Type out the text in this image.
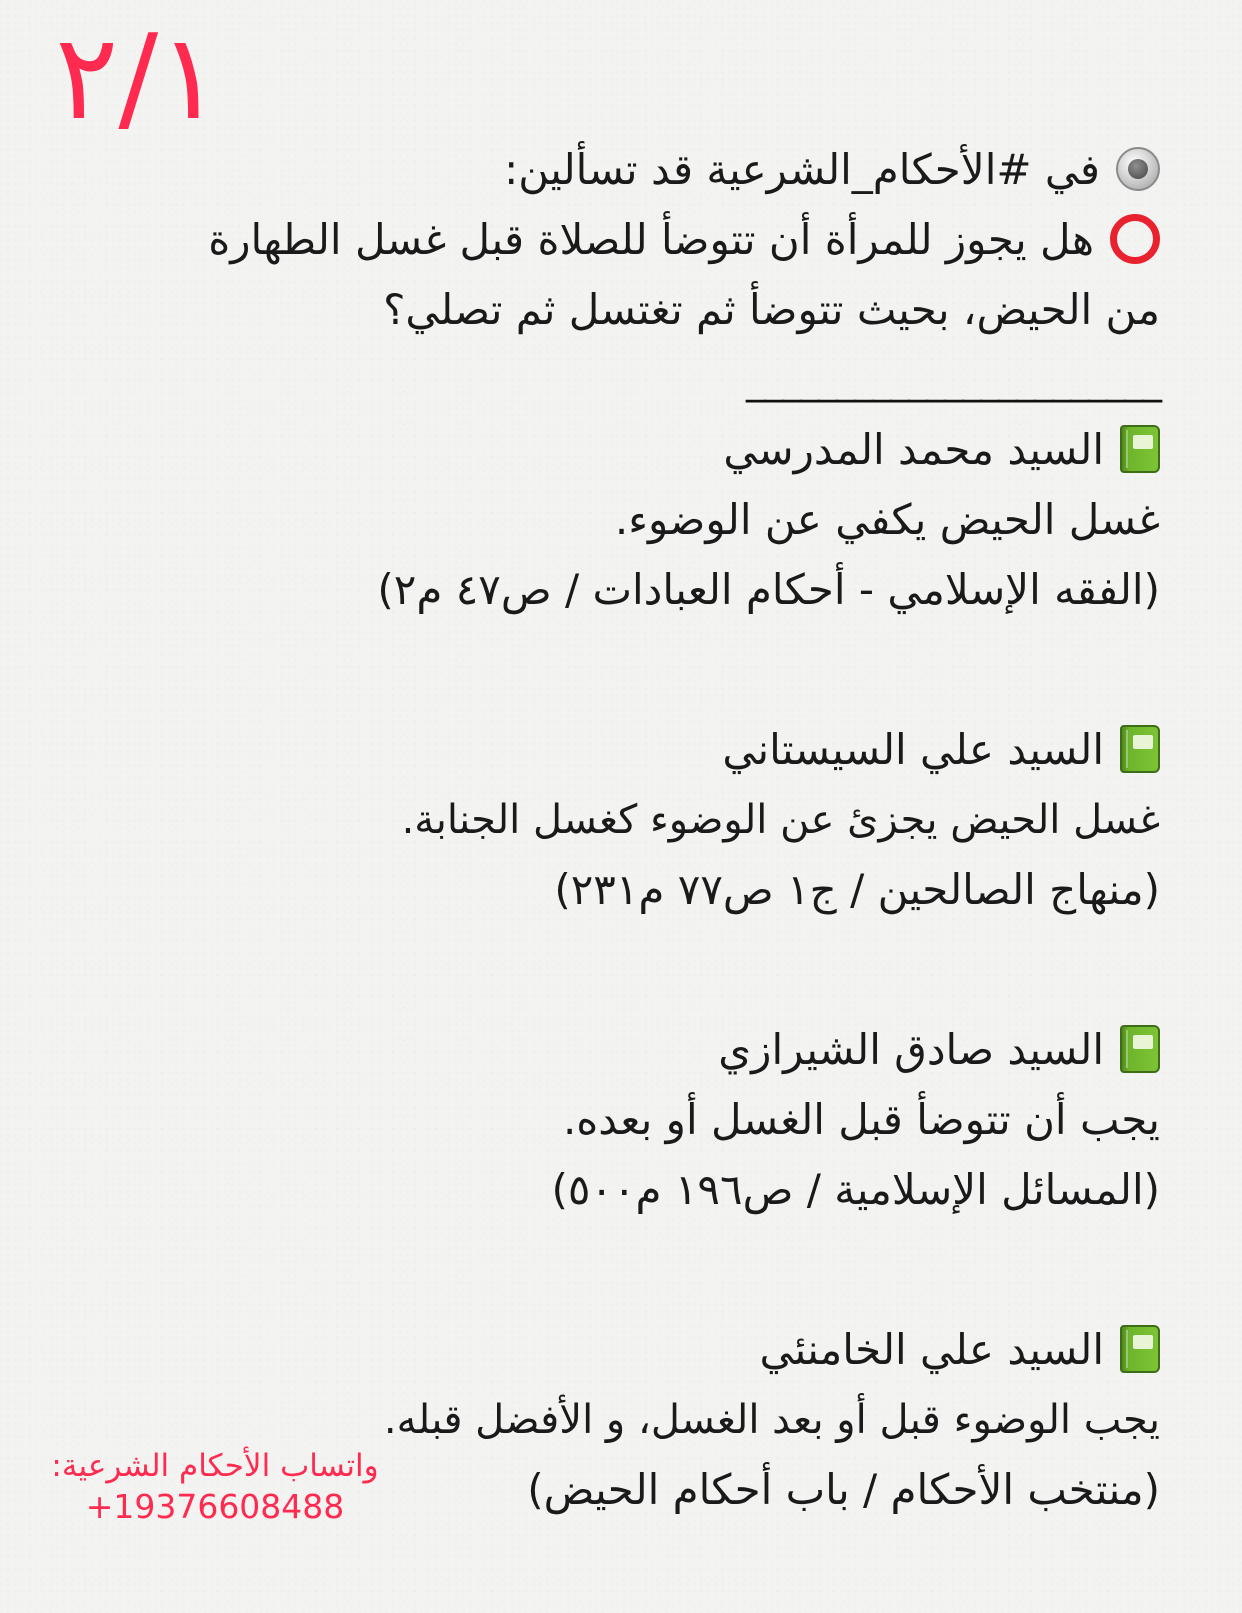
٢/١

في #الأحكام_الشرعية قد تسألين:

هل يجوز للمرأة أن تتوضأ للصلاة قبل غسل الطهارة

من الحيض، بحيث تتوضأ ثم تغتسل ثم تصلي؟

_______________________

السيد محمد المدرسي

غسل الحيض يكفي عن الوضوء.

(الفقه الإسلامي - أحكام العبادات / ص٤٧ م٢)

السيد علي السيستاني

غسل الحيض يجزئ عن الوضوء كغسل الجنابة.

(منهاج الصالحين / ج١ ص٧٧ م٢٣١)

السيد صادق الشيرازي

يجب أن تتوضأ قبل الغسل أو بعده.

(المسائل الإسلامية / ص١٩٦ م٥٠٠)

السيد علي الخامنئي

يجب الوضوء قبل أو بعد الغسل، و الأفضل قبله.

(منتخب الأحكام / باب أحكام الحيض)

واتساب الأحكام الشرعية:
+19376608488
